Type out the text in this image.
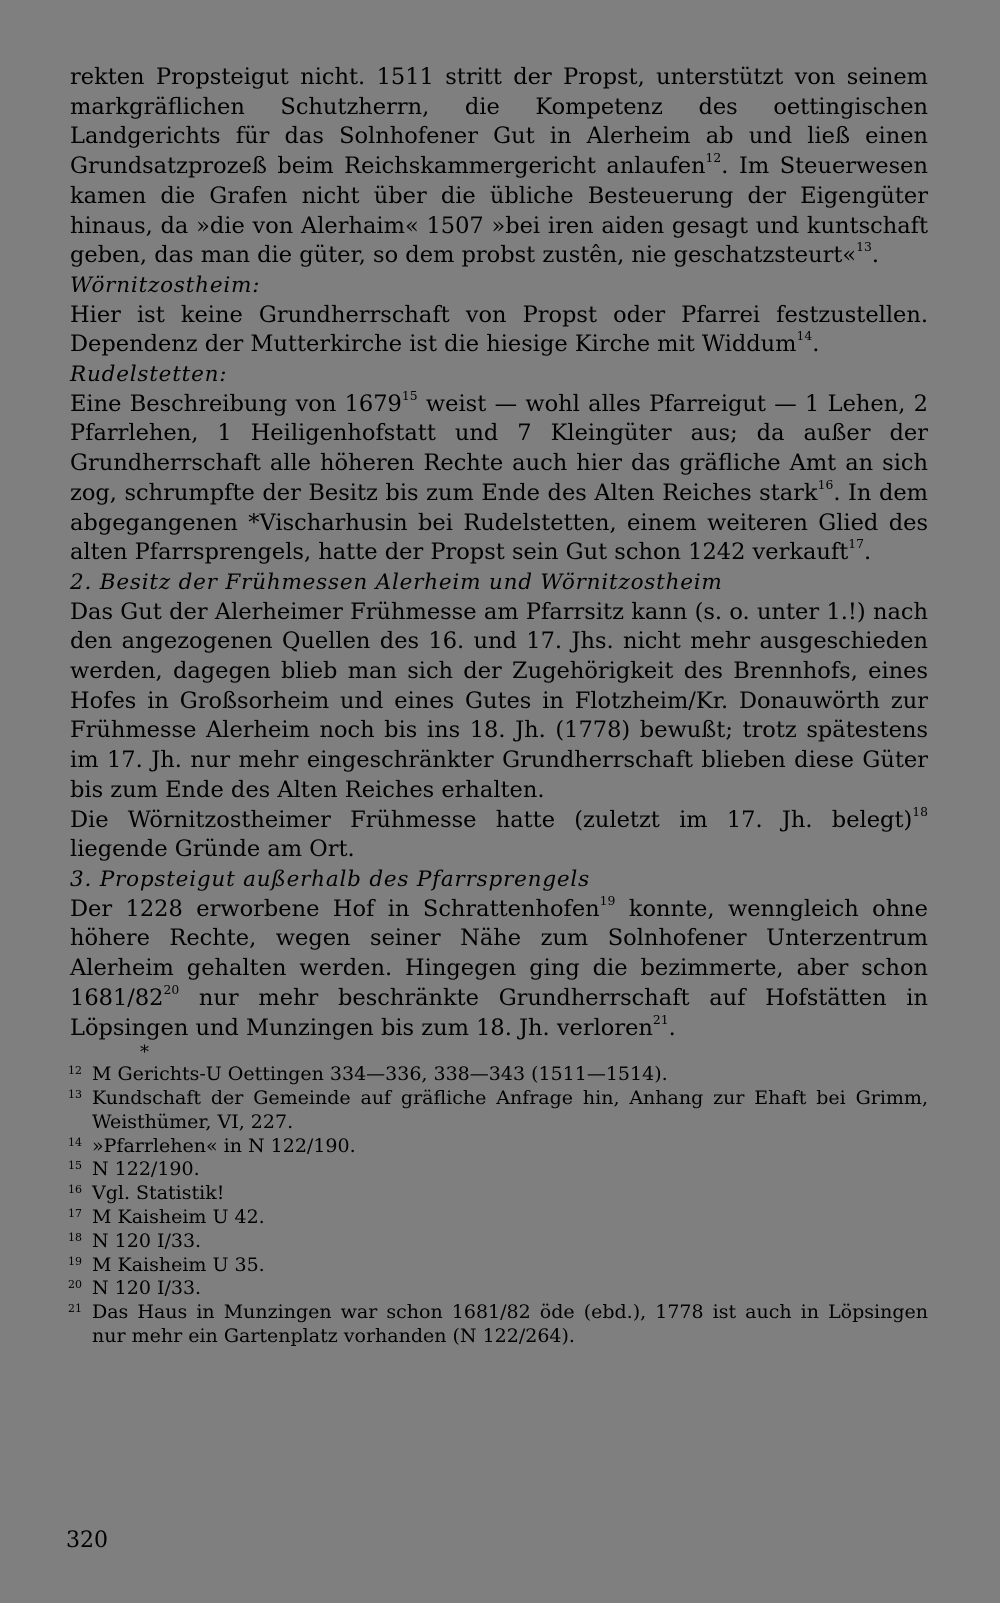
rekten Propsteigut nicht. 1511 stritt der Propst, unterstützt von seinem markgräflichen Schutzherrn, die Kompetenz des oettingischen Landgerichts für das Solnhofener Gut in Alerheim ab und ließ einen Grundsatzprozeß beim Reichskammergericht anlaufen$^{12}$. Im Steuerwesen kamen die Grafen nicht über die übliche Besteuerung der Eigengüter hinaus, da »die von Alerhaim« 1507 »bei iren aiden gesagt und kuntschaft geben, das man die güter, so dem probst zustên, nie geschatzsteurt«$^{13}$.

Wörnitzostheim:

Hier ist keine Grundherrschaft von Propst oder Pfarrei festzustellen. Dependenz der Mutterkirche ist die hiesige Kirche mit Widdum$^{14}$.

Rudelstetten:

Eine Beschreibung von 1679$^{15}$ weist — wohl alles Pfarreigut — 1 Lehen, 2 Pfarrlehen, 1 Heiligenhofstatt und 7 Kleingüter aus; da außer der Grundherrschaft alle höheren Rechte auch hier das gräfliche Amt an sich zog, schrumpfte der Besitz bis zum Ende des Alten Reiches stark$^{16}$. In dem abgegangenen *Vischarhusin bei Rudelstetten, einem weiteren Glied des alten Pfarrsprengels, hatte der Propst sein Gut schon 1242 verkauft$^{17}$.

2. Besitz der Frühmessen Alerheim und Wörnitzostheim

Das Gut der Alerheimer Frühmesse am Pfarrsitz kann (s. o. unter 1.!) nach den angezogenen Quellen des 16. und 17. Jhs. nicht mehr ausgeschieden werden, dagegen blieb man sich der Zugehörigkeit des Brennhofs, eines Hofes in Großsorheim und eines Gutes in Flotzheim/Kr. Donauwörth zur Frühmesse Alerheim noch bis ins 18. Jh. (1778) bewußt; trotz spätestens im 17. Jh. nur mehr eingeschränkter Grundherrschaft blieben diese Güter bis zum Ende des Alten Reiches erhalten.

Die Wörnitzostheimer Frühmesse hatte (zuletzt im 17. Jh. belegt)$^{18}$ liegende Gründe am Ort.

3. Propsteigut außerhalb des Pfarrsprengels

Der 1228 erworbene Hof in Schrattenhofen$^{19}$ konnte, wenngleich ohne höhere Rechte, wegen seiner Nähe zum Solnhofener Unterzentrum Alerheim gehalten werden. Hingegen ging die bezimmerte, aber schon $1681/82^{20}$ nur mehr beschränkte Grundherrschaft auf Hofstätten in Löpsingen und Munzingen bis zum 18. Jh. verloren$^{21}$.

*

12 M Gerichts-U Oettingen 334—336, 338—343 (1511—1514).
13 Kundschaft der Gemeinde auf gräfliche Anfrage hin, Anhang zur Ehaft bei Grimm, Weisthümer, VI, 227.
14 »Pfarrlehen« in N 122/190.
15 N 122/190.
16 Vgl. Statistik!
17 M Kaisheim U 42.
18 N 120 I/33.
19 M Kaisheim U 35.
20 N 120 I/33.
21 Das Haus in Munzingen war schon 1681/82 öde (ebd.), 1778 ist auch in Löpsingen nur mehr ein Gartenplatz vorhanden (N 122/264).
320
